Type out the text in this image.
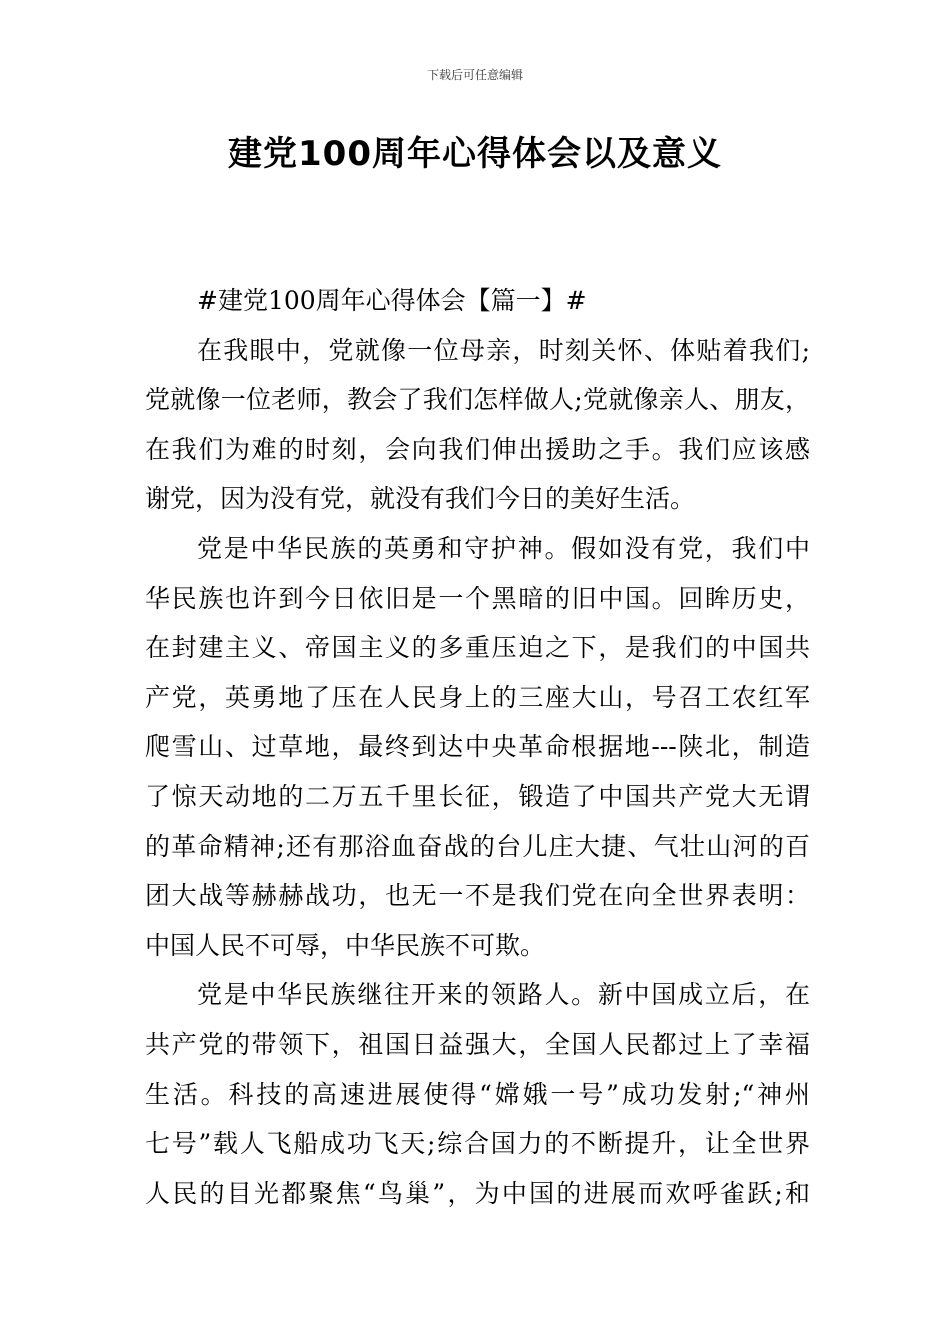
下载后可任意编辑
建党100周年心得体会以及意义
#建党100周年心得体会【篇一】#
在我眼中，党就像一位母亲，时刻关怀、体贴着我们;
党就像一位老师，教会了我们怎样做人;党就像亲人、朋友，
在我们为难的时刻，会向我们伸出援助之手。我们应该感
谢党，因为没有党，就没有我们今日的美好生活。
党是中华民族的英勇和守护神。假如没有党，我们中
华民族也许到今日依旧是一个黑暗的旧中国。回眸历史，
在封建主义、帝国主义的多重压迫之下，是我们的中国共
产党，英勇地了压在人民身上的三座大山，号召工农红军
爬雪山、过草地，最终到达中央革命根据地---陕北，制造
了惊天动地的二万五千里长征，锻造了中国共产党大无谓
的革命精神;还有那浴血奋战的台儿庄大捷、气壮山河的百
团大战等赫赫战功，也无一不是我们党在向全世界表明：
中国人民不可辱，中华民族不可欺。
党是中华民族继往开来的领路人。新中国成立后，在
共产党的带领下，祖国日益强大，全国人民都过上了幸福
生活。科技的高速进展使得“嫦娥一号”成功发射;“神州
七号”载人飞船成功飞天;综合国力的不断提升，让全世界
人民的目光都聚焦“鸟巢”，为中国的进展而欢呼雀跃;和
